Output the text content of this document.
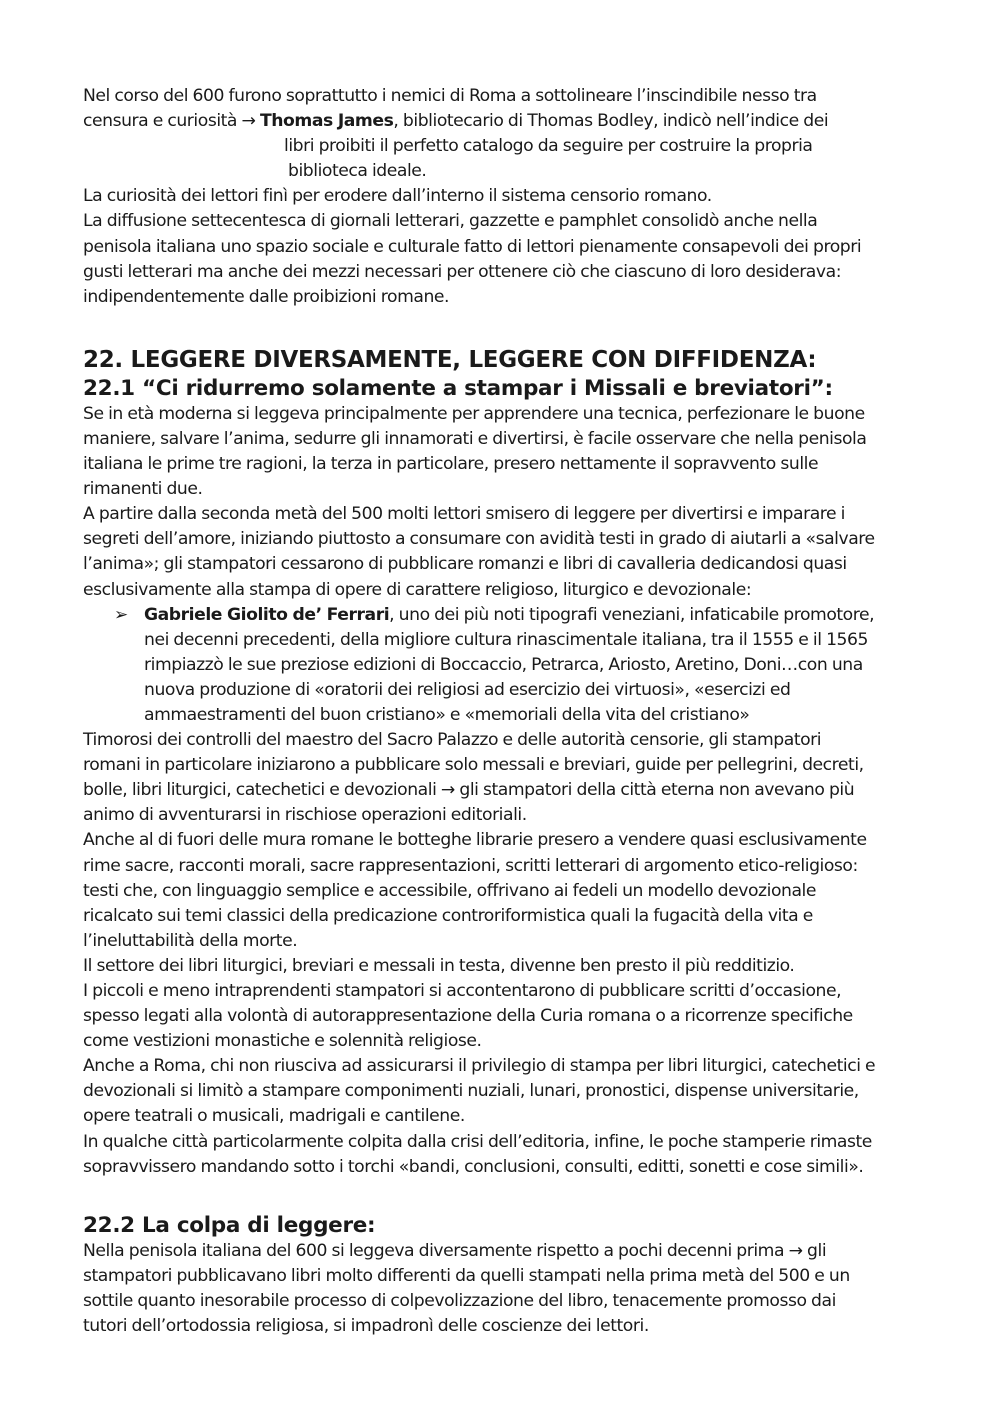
Nel corso del 600 furono soprattutto i nemici di Roma a sottolineare l’inscindibile nesso tra
censura e curiosità → Thomas James, bibliotecario di Thomas Bodley, indicò nell’indice dei
libri proibiti il perfetto catalogo da seguire per costruire la propria
biblioteca ideale.
La curiosità dei lettori finì per erodere dall’interno il sistema censorio romano.
La diffusione settecentesca di giornali letterari, gazzette e pamphlet consolidò anche nella
penisola italiana uno spazio sociale e culturale fatto di lettori pienamente consapevoli dei propri
gusti letterari ma anche dei mezzi necessari per ottenere ciò che ciascuno di loro desiderava:
indipendentemente dalle proibizioni romane.
22. LEGGERE DIVERSAMENTE, LEGGERE CON DIFFIDENZA:
22.1 “Ci ridurremo solamente a stampar i Missali e breviatori”:
Se in età moderna si leggeva principalmente per apprendere una tecnica, perfezionare le buone
maniere, salvare l’anima, sedurre gli innamorati e divertirsi, è facile osservare che nella penisola
italiana le prime tre ragioni, la terza in particolare, presero nettamente il sopravvento sulle
rimanenti due.
A partire dalla seconda metà del 500 molti lettori smisero di leggere per divertirsi e imparare i
segreti dell’amore, iniziando piuttosto a consumare con avidità testi in grado di aiutarli a «salvare
l’anima»; gli stampatori cessarono di pubblicare romanzi e libri di cavalleria dedicandosi quasi
esclusivamente alla stampa di opere di carattere religioso, liturgico e devozionale:
➢ Gabriele Giolito de’ Ferrari, uno dei più noti tipografi veneziani, infaticabile promotore,
nei decenni precedenti, della migliore cultura rinascimentale italiana, tra il 1555 e il 1565
rimpiazzò le sue preziose edizioni di Boccaccio, Petrarca, Ariosto, Aretino, Doni…con una
nuova produzione di «oratorii dei religiosi ad esercizio dei virtuosi», «esercizi ed
ammaestramenti del buon cristiano» e «memoriali della vita del cristiano»
Timorosi dei controlli del maestro del Sacro Palazzo e delle autorità censorie, gli stampatori
romani in particolare iniziarono a pubblicare solo messali e breviari, guide per pellegrini, decreti,
bolle, libri liturgici, catechetici e devozionali → gli stampatori della città eterna non avevano più
animo di avventurarsi in rischiose operazioni editoriali.
Anche al di fuori delle mura romane le botteghe librarie presero a vendere quasi esclusivamente
rime sacre, racconti morali, sacre rappresentazioni, scritti letterari di argomento etico-religioso:
testi che, con linguaggio semplice e accessibile, offrivano ai fedeli un modello devozionale
ricalcato sui temi classici della predicazione controriformistica quali la fugacità della vita e
l’ineluttabilità della morte.
Il settore dei libri liturgici, breviari e messali in testa, divenne ben presto il più redditizio.
I piccoli e meno intraprendenti stampatori si accontentarono di pubblicare scritti d’occasione,
spesso legati alla volontà di autorappresentazione della Curia romana o a ricorrenze specifiche
come vestizioni monastiche e solennità religiose.
Anche a Roma, chi non riusciva ad assicurarsi il privilegio di stampa per libri liturgici, catechetici e
devozionali si limitò a stampare componimenti nuziali, lunari, pronostici, dispense universitarie,
opere teatrali o musicali, madrigali e cantilene.
In qualche città particolarmente colpita dalla crisi dell’editoria, infine, le poche stamperie rimaste
sopravvissero mandando sotto i torchi «bandi, conclusioni, consulti, editti, sonetti e cose simili».
22.2 La colpa di leggere:
Nella penisola italiana del 600 si leggeva diversamente rispetto a pochi decenni prima → gli
stampatori pubblicavano libri molto differenti da quelli stampati nella prima metà del 500 e un
sottile quanto inesorabile processo di colpevolizzazione del libro, tenacemente promosso dai
tutori dell’ortodossia religiosa, si impadronì delle coscienze dei lettori.
